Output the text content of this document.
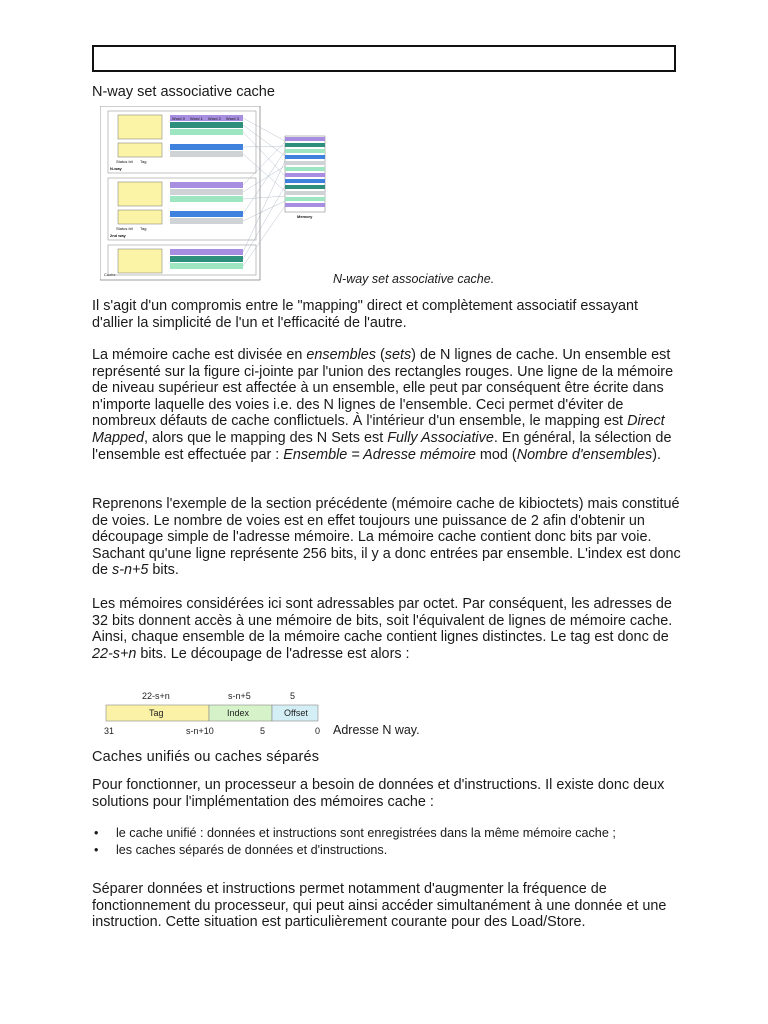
N-way set associative cache
Cache
Word 0 Word 1 Word 2 Word 3
Status bit Tag
N-way
Status bit Tag
2nd way
Memory
N-way set associative cache.
Il s'agit d'un compromis entre le "mapping" direct et complètement associatif essayant d'allier la simplicité de l'un et l'efficacité de l'autre.
La mémoire cache est divisée en ensembles (sets) de N lignes de cache. Un ensemble est représenté sur la figure ci-jointe par l'union des rectangles rouges. Une ligne de la mémoire de niveau supérieur est affectée à un ensemble, elle peut par conséquent être écrite dans n'importe laquelle des voies i.e. des N lignes de l'ensemble. Ceci permet d'éviter de nombreux défauts de cache conflictuels. À l'intérieur d'un ensemble, le mapping est Direct Mapped, alors que le mapping des N Sets est Fully Associative. En général, la sélection de l'ensemble est effectuée par : Ensemble = Adresse mémoire mod (Nombre d'ensembles).
Reprenons l'exemple de la section précédente (mémoire cache de kibioctets) mais constitué de voies. Le nombre de voies est en effet toujours une puissance de 2 afin d'obtenir un découpage simple de l'adresse mémoire. La mémoire cache contient donc bits par voie. Sachant qu'une ligne représente 256 bits, il y a donc entrées par ensemble. L'index est donc de s-n+5 bits.
Les mémoires considérées ici sont adressables par octet. Par conséquent, les adresses de 32 bits donnent accès à une mémoire de bits, soit l'équivalent de lignes de mémoire cache. Ainsi, chaque ensemble de la mémoire cache contient lignes distinctes. Le tag est donc de 22-s+n bits. Le découpage de l'adresse est alors :
22-s+n	s-n+5	5
Tag	Index	Offset
31	s-n+10	5	0 Adresse N way.
Caches unifiés ou caches séparés
Pour fonctionner, un processeur a besoin de données et d'instructions. Il existe donc deux solutions pour l'implémentation des mémoires cache :
• le cache unifié : données et instructions sont enregistrées dans la même mémoire cache ;
• les caches séparés de données et d'instructions.
Séparer données et instructions permet notamment d'augmenter la fréquence de fonctionnement du processeur, qui peut ainsi accéder simultanément à une donnée et une instruction. Cette situation est particulièrement courante pour des Load/Store.
